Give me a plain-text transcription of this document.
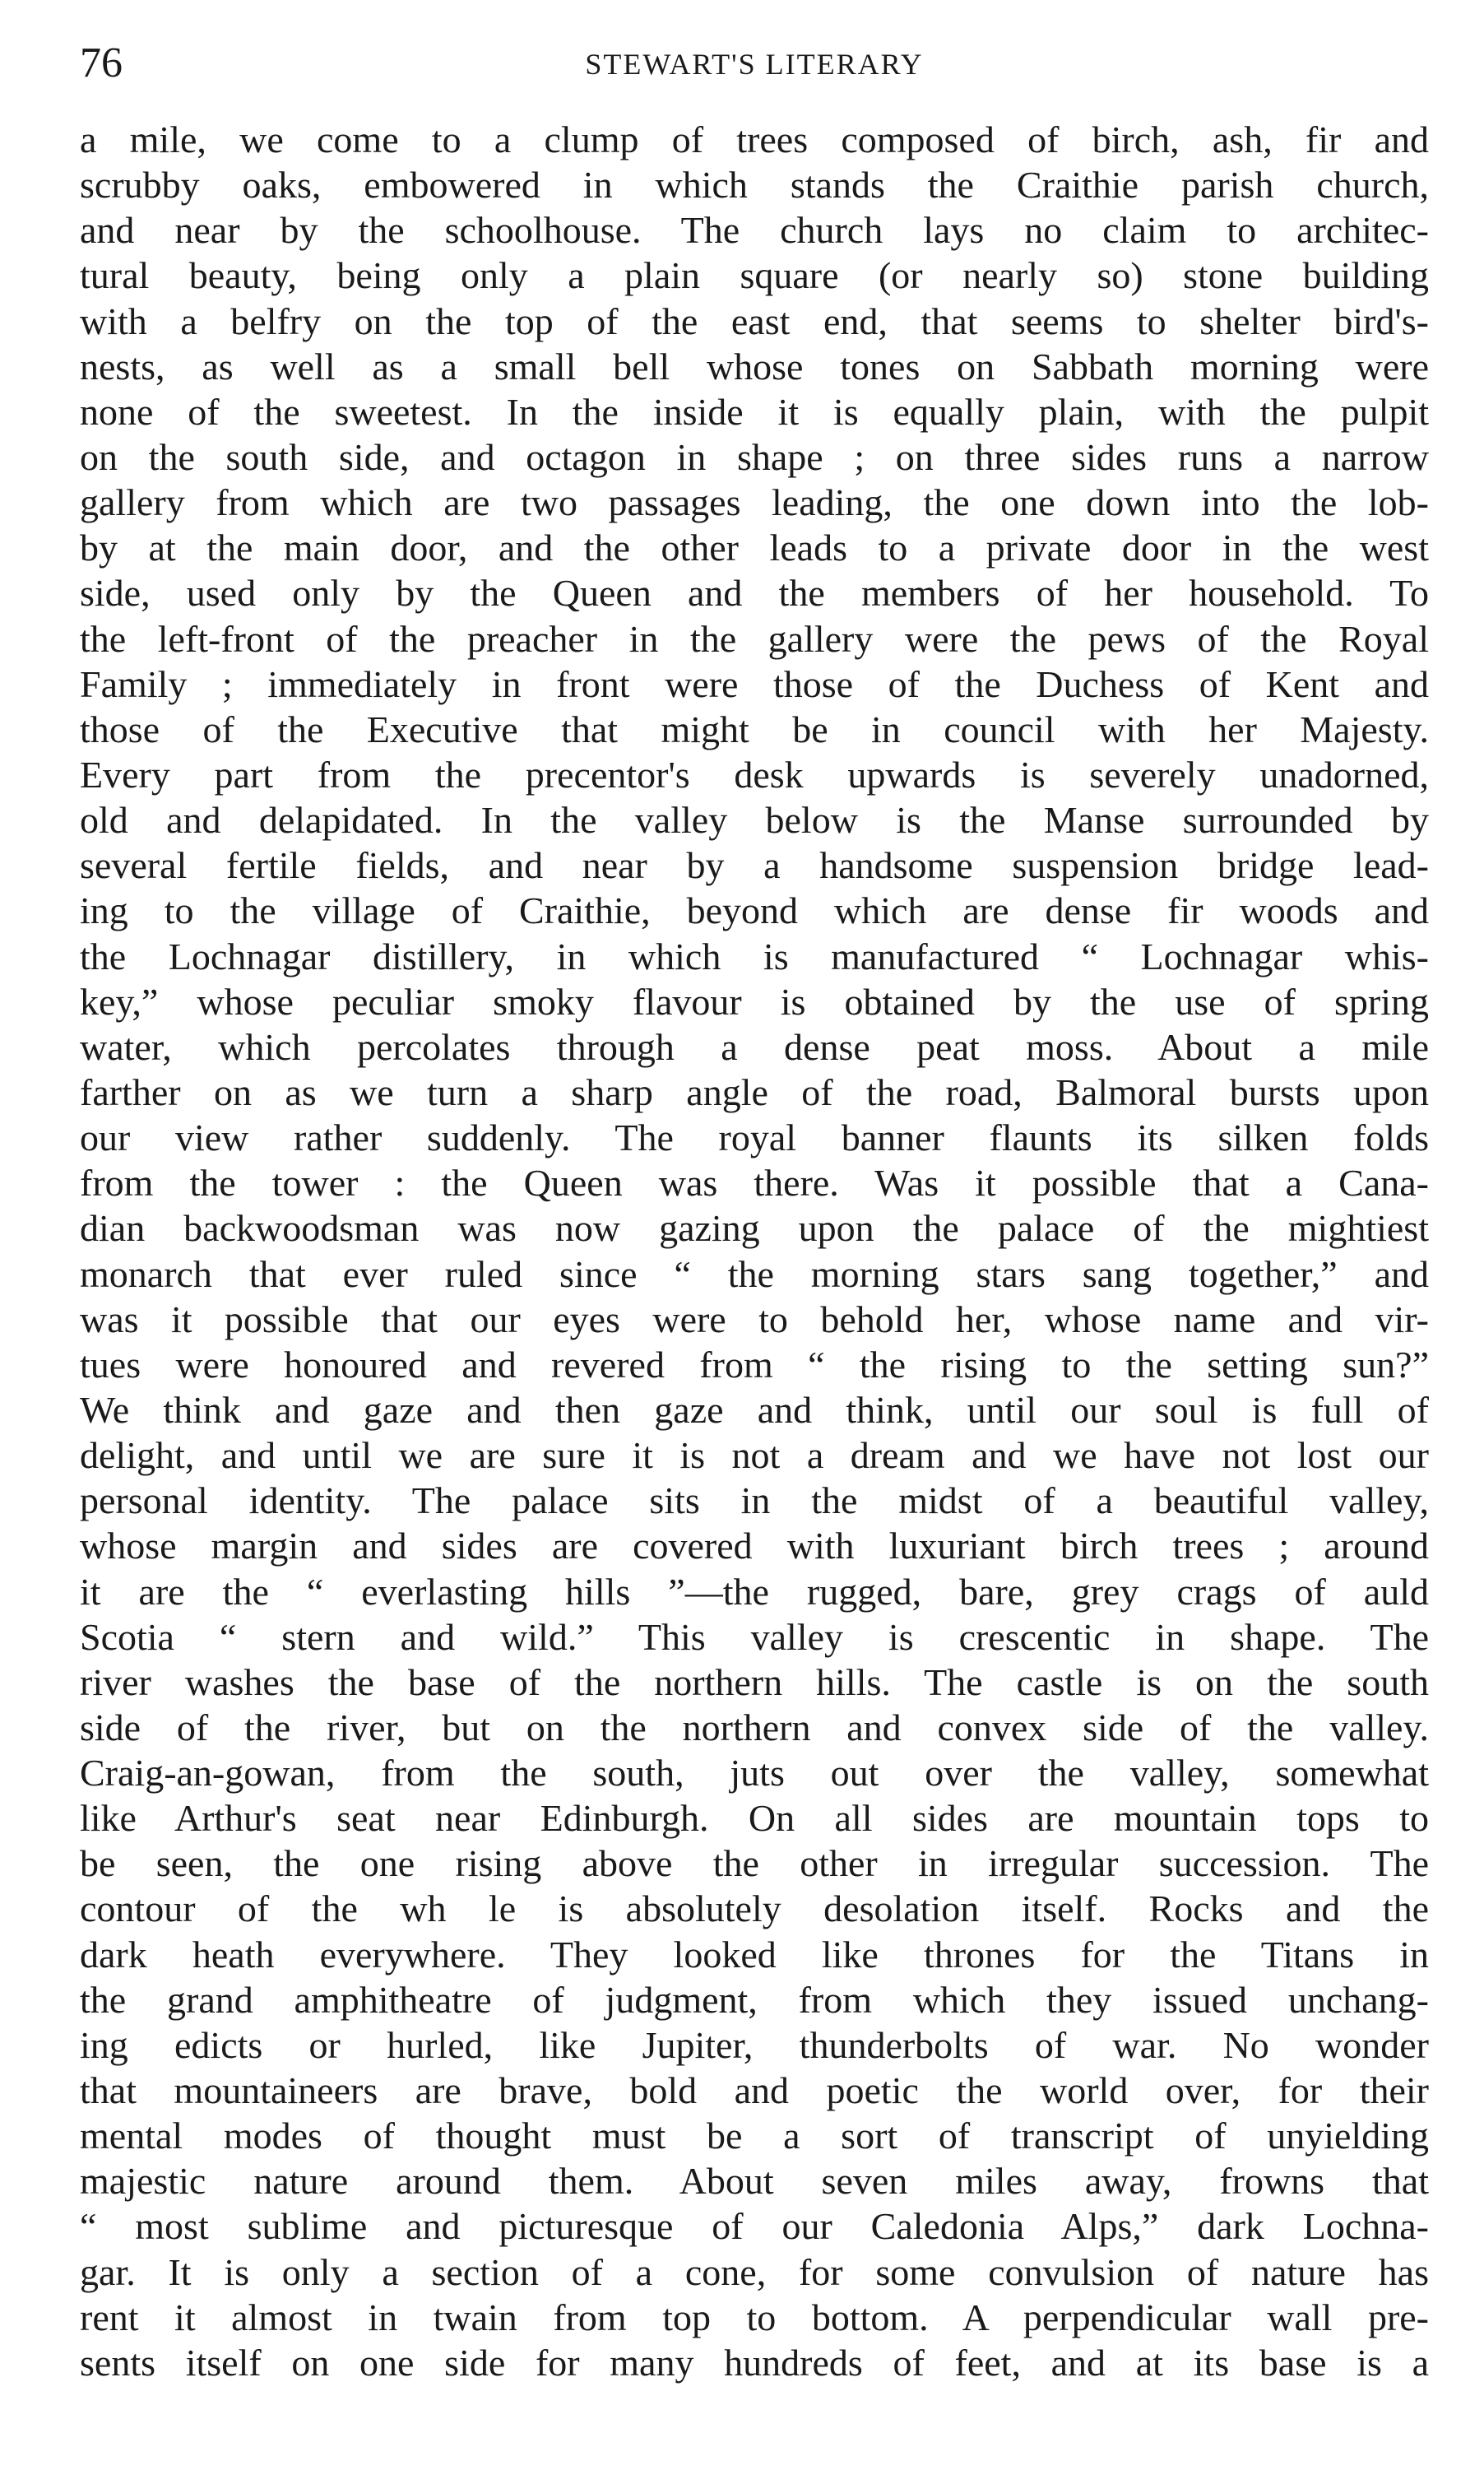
76	STEWART'S LITERARY
a mile, we come to a clump of trees composed of birch, ash, fir and
scrubby oaks, embowered in which stands the Craithie parish church,
and near by the schoolhouse. The church lays no claim to architec-
tural beauty, being only a plain square (or nearly so) stone building
with a belfry on the top of the east end, that seems to shelter bird's-
nests, as well as a small bell whose tones on Sabbath morning were
none of the sweetest. In the inside it is equally plain, with the pulpit
on the south side, and octagon in shape ; on three sides runs a narrow
gallery from which are two passages leading, the one down into the lob-
by at the main door, and the other leads to a private door in the west
side, used only by the Queen and the members of her household. To
the left-front of the preacher in the gallery were the pews of the Royal
Family ; immediately in front were those of the Duchess of Kent and
those of the Executive that might be in council with her Majesty.
Every part from the precentor's desk upwards is severely unadorned,
old and delapidated. In the valley below is the Manse surrounded by
several fertile fields, and near by a handsome suspension bridge lead-
ing to the village of Craithie, beyond which are dense fir woods and
the Lochnagar distillery, in which is manufactured “ Lochnagar whis-
key,” whose peculiar smoky flavour is obtained by the use of spring
water, which percolates through a dense peat moss. About a mile
farther on as we turn a sharp angle of the road, Balmoral bursts upon
our view rather suddenly. The royal banner flaunts its silken folds
from the tower : the Queen was there. Was it possible that a Cana-
dian backwoodsman was now gazing upon the palace of the mightiest
monarch that ever ruled since “ the morning stars sang together,” and
was it possible that our eyes were to behold her, whose name and vir-
tues were honoured and revered from “ the rising to the setting sun?”
We think and gaze and then gaze and think, until our soul is full of
delight, and until we are sure it is not a dream and we have not lost our
personal identity. The palace sits in the midst of a beautiful valley,
whose margin and sides are covered with luxuriant birch trees ; around
it are the “ everlasting hills ”—the rugged, bare, grey crags of auld
Scotia “ stern and wild.” This valley is crescentic in shape. The
river washes the base of the northern hills. The castle is on the south
side of the river, but on the northern and convex side of the valley.
Craig-an-gowan, from the south, juts out over the valley, somewhat
like Arthur's seat near Edinburgh. On all sides are mountain tops to
be seen, the one rising above the other in irregular succession. The
contour of the wh le is absolutely desolation itself. Rocks and the
dark heath everywhere. They looked like thrones for the Titans in
the grand amphitheatre of judgment, from which they issued unchang-
ing edicts or hurled, like Jupiter, thunderbolts of war. No wonder
that mountaineers are brave, bold and poetic the world over, for their
mental modes of thought must be a sort of transcript of unyielding
majestic nature around them. About seven miles away, frowns that
“ most sublime and picturesque of our Caledonia Alps,” dark Lochna-
gar. It is only a section of a cone, for some convulsion of nature has
rent it almost in twain from top to bottom. A perpendicular wall pre-
sents itself on one side for many hundreds of feet, and at its base is a
